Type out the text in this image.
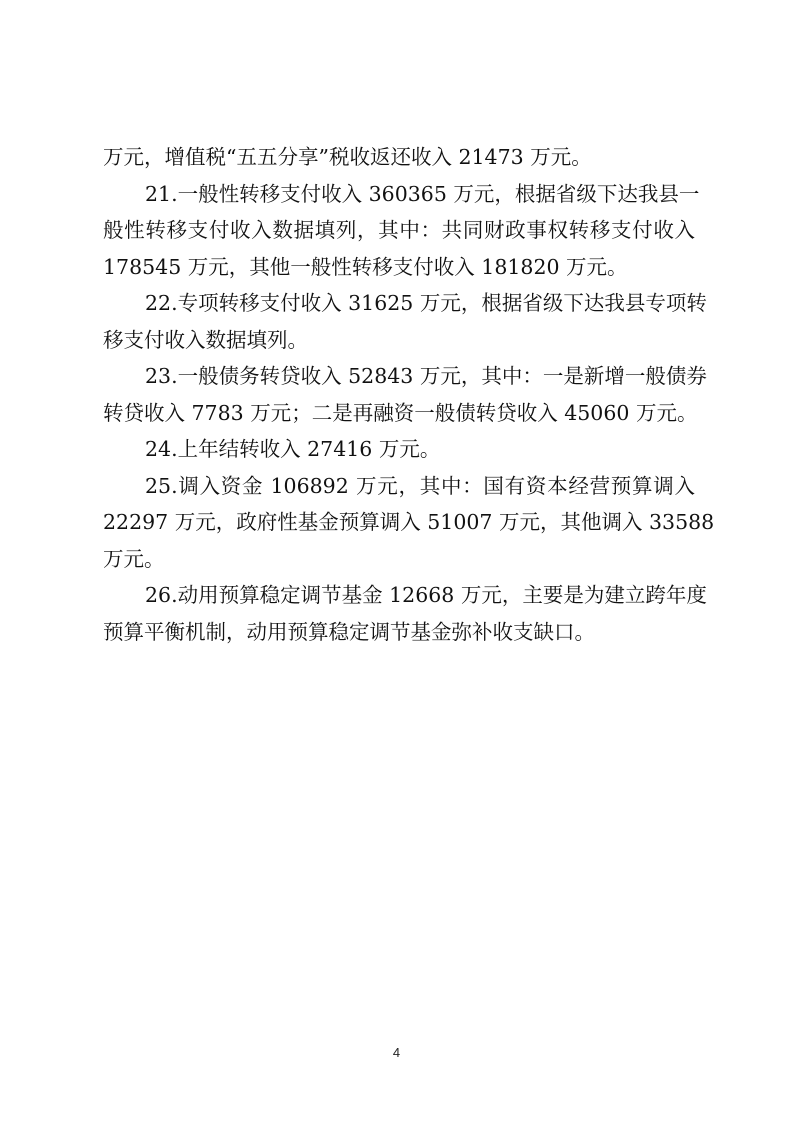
万元，增值税“五五分享”税收返还收入 21473 万元。
21.一般性转移支付收入 360365 万元，根据省级下达我县一
般性转移支付收入数据填列，其中：共同财政事权转移支付收入
178545 万元，其他一般性转移支付收入 181820 万元。
22.专项转移支付收入 31625 万元，根据省级下达我县专项转
移支付收入数据填列。
23.一般债务转贷收入 52843 万元，其中：一是新增一般债券
转贷收入 7783 万元；二是再融资一般债转贷收入 45060 万元。
24.上年结转收入 27416 万元。
25.调入资金 106892 万元，其中：国有资本经营预算调入
22297 万元，政府性基金预算调入 51007 万元，其他调入 33588
万元。
26.动用预算稳定调节基金 12668 万元，主要是为建立跨年度
预算平衡机制，动用预算稳定调节基金弥补收支缺口。
4
